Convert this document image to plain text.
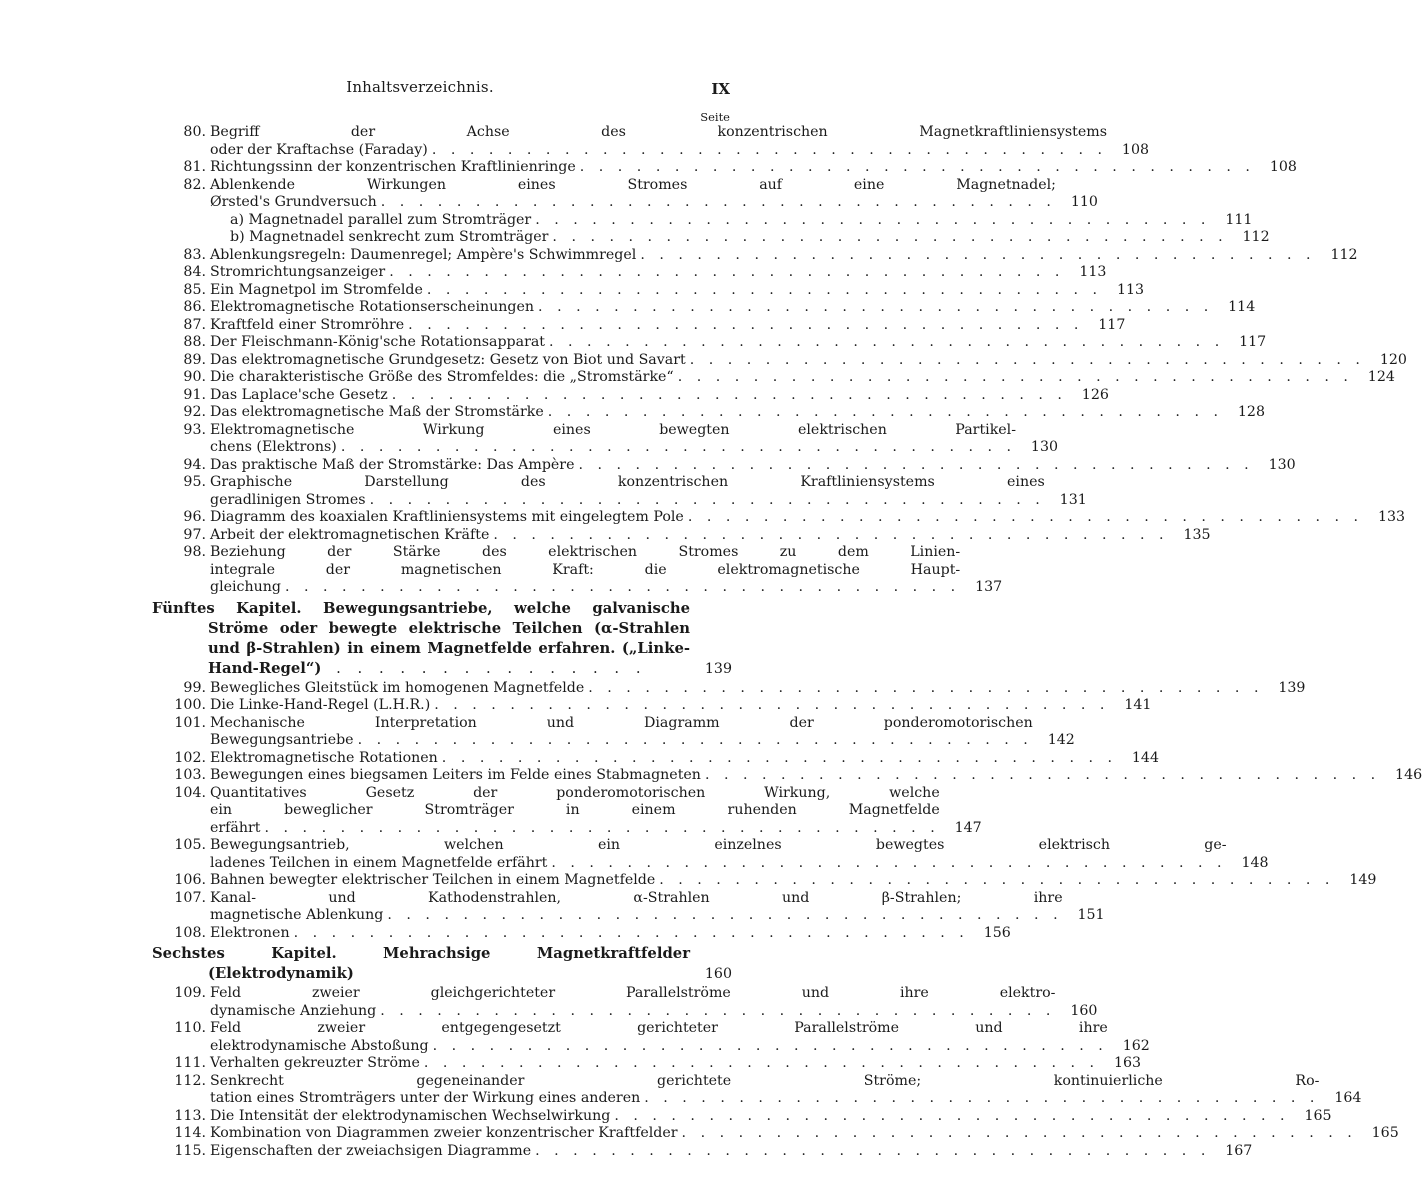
Inhaltsverzeichnis.	IX
Seite
80. Begriff der Achse des konzentrischen Magnetkraftliniensystems
oder der Kraftachse (Faraday) . . . . . . . . . . . . . . . . . . . . . . . . . . . . . . . . . . . .	108
81. Richtungssinn der konzentrischen Kraftlinienringe . . . . . . . . . . . . . . . . . . . . . . . . . . . . . . . . . . . .	108
82. Ablenkende Wirkungen eines Stromes auf eine Magnetnadel;
Ørsted's Grundversuch . . . . . . . . . . . . . . . . . . . . . . . . . . . . . . . . . . . .	110
a) Magnetnadel parallel zum Stromträger . . . . . . . . . . . . . . . . . . . . . . . . . . . . . . . . . . . .	111
b) Magnetnadel senkrecht zum Stromträger . . . . . . . . . . . . . . . . . . . . . . . . . . . . . . . . . . . .	112
83. Ablenkungsregeln: Daumenregel; Ampère's Schwimmregel . . . . . . . . . . . . . . . . . . . . . . . . . . . . . . . . . . . .	112
84. Stromrichtungsanzeiger . . . . . . . . . . . . . . . . . . . . . . . . . . . . . . . . . . . .	113
85. Ein Magnetpol im Stromfelde . . . . . . . . . . . . . . . . . . . . . . . . . . . . . . . . . . . .	113
86. Elektromagnetische Rotationserscheinungen . . . . . . . . . . . . . . . . . . . . . . . . . . . . . . . . . . . .	114
87. Kraftfeld einer Stromröhre . . . . . . . . . . . . . . . . . . . . . . . . . . . . . . . . . . . .	117
88. Der Fleischmann-König'sche Rotationsapparat . . . . . . . . . . . . . . . . . . . . . . . . . . . . . . . . . . . .	117
89. Das elektromagnetische Grundgesetz: Gesetz von Biot und Savart . . . . . . . . . . . . . . . . . . . . . . . . . . . . . . . . . . . .	120
90. Die charakteristische Größe des Stromfeldes: die „Stromstärke“ . . . . . . . . . . . . . . . . . . . . . . . . . . . . . . . . . . . .	124
91. Das Laplace'sche Gesetz . . . . . . . . . . . . . . . . . . . . . . . . . . . . . . . . . . . .	126
92. Das elektromagnetische Maß der Stromstärke . . . . . . . . . . . . . . . . . . . . . . . . . . . . . . . . . . . .	128
93. Elektromagnetische Wirkung eines bewegten elektrischen Partikel-
chens (Elektrons) . . . . . . . . . . . . . . . . . . . . . . . . . . . . . . . . . . . .	130
94. Das praktische Maß der Stromstärke: Das Ampère . . . . . . . . . . . . . . . . . . . . . . . . . . . . . . . . . . . .	130
95. Graphische Darstellung des konzentrischen Kraftliniensystems eines
geradlinigen Stromes . . . . . . . . . . . . . . . . . . . . . . . . . . . . . . . . . . . .	131
96. Diagramm des koaxialen Kraftliniensystems mit eingelegtem Pole . . . . . . . . . . . . . . . . . . . . . . . . . . . . . . . . . . . .	133
97. Arbeit der elektromagnetischen Kräfte . . . . . . . . . . . . . . . . . . . . . . . . . . . . . . . . . . . .	135
98. Beziehung der Stärke des elektrischen Stromes zu dem Linien-
integrale der magnetischen Kraft: die elektromagnetische Haupt-
gleichung . . . . . . . . . . . . . . . . . . . . . . . . . . . . . . . . . . . .	137
Fünftes Kapitel. Bewegungsantriebe, welche galvanische Ströme oder bewegte elektrische Teilchen (α-Strahlen und β-Strahlen) in einem Magnetfelde erfahren. („Linke- Hand-Regel“) . . . . . . . . . . . . . . .	139
99. Bewegliches Gleitstück im homogenen Magnetfelde . . . . . . . . . . . . . . . . . . . . . . . . . . . . . . . . . . . .	139
100. Die Linke-Hand-Regel (L.H.R.) . . . . . . . . . . . . . . . . . . . . . . . . . . . . . . . . . . . .	141
101. Mechanische Interpretation und Diagramm der ponderomotorischen
Bewegungsantriebe . . . . . . . . . . . . . . . . . . . . . . . . . . . . . . . . . . . .	142
102. Elektromagnetische Rotationen . . . . . . . . . . . . . . . . . . . . . . . . . . . . . . . . . . . .	144
103. Bewegungen eines biegsamen Leiters im Felde eines Stabmagneten . . . . . . . . . . . . . . . . . . . . . . . . . . . . . . . . . . . .	146
104. Quantitatives Gesetz der ponderomotorischen Wirkung, welche
ein beweglicher Stromträger in einem ruhenden Magnetfelde
erfährt . . . . . . . . . . . . . . . . . . . . . . . . . . . . . . . . . . . .	147
105. Bewegungsantrieb, welchen ein einzelnes bewegtes elektrisch ge-
ladenes Teilchen in einem Magnetfelde erfährt . . . . . . . . . . . . . . . . . . . . . . . . . . . . . . . . . . . .	148
106. Bahnen bewegter elektrischer Teilchen in einem Magnetfelde . . . . . . . . . . . . . . . . . . . . . . . . . . . . . . . . . . . .	149
107. Kanal- und Kathodenstrahlen, α-Strahlen und β-Strahlen; ihre
magnetische Ablenkung . . . . . . . . . . . . . . . . . . . . . . . . . . . . . . . . . . . .	151
108. Elektronen . . . . . . . . . . . . . . . . . . . . . . . . . . . . . . . . . . . .	156
Sechstes Kapitel. Mehrachsige Magnetkraftfelder (Elektrodynamik)	160
109. Feld zweier gleichgerichteter Parallelströme und ihre elektro-
dynamische Anziehung . . . . . . . . . . . . . . . . . . . . . . . . . . . . . . . . . . . .	160
110. Feld zweier entgegengesetzt gerichteter Parallelströme und ihre
elektrodynamische Abstoßung . . . . . . . . . . . . . . . . . . . . . . . . . . . . . . . . . . . .	162
111. Verhalten gekreuzter Ströme . . . . . . . . . . . . . . . . . . . . . . . . . . . . . . . . . . . .	163
112. Senkrecht gegeneinander gerichtete Ströme; kontinuierliche Ro-
tation eines Stromträgers unter der Wirkung eines anderen . . . . . . . . . . . . . . . . . . . . . . . . . . . . . . . . . . . .	164
113. Die Intensität der elektrodynamischen Wechselwirkung . . . . . . . . . . . . . . . . . . . . . . . . . . . . . . . . . . . .	165
114. Kombination von Diagrammen zweier konzentrischer Kraftfelder . . . . . . . . . . . . . . . . . . . . . . . . . . . . . . . . . . . .	165
115. Eigenschaften der zweiachsigen Diagramme . . . . . . . . . . . . . . . . . . . . . . . . . . . . . . . . . . . .	167
